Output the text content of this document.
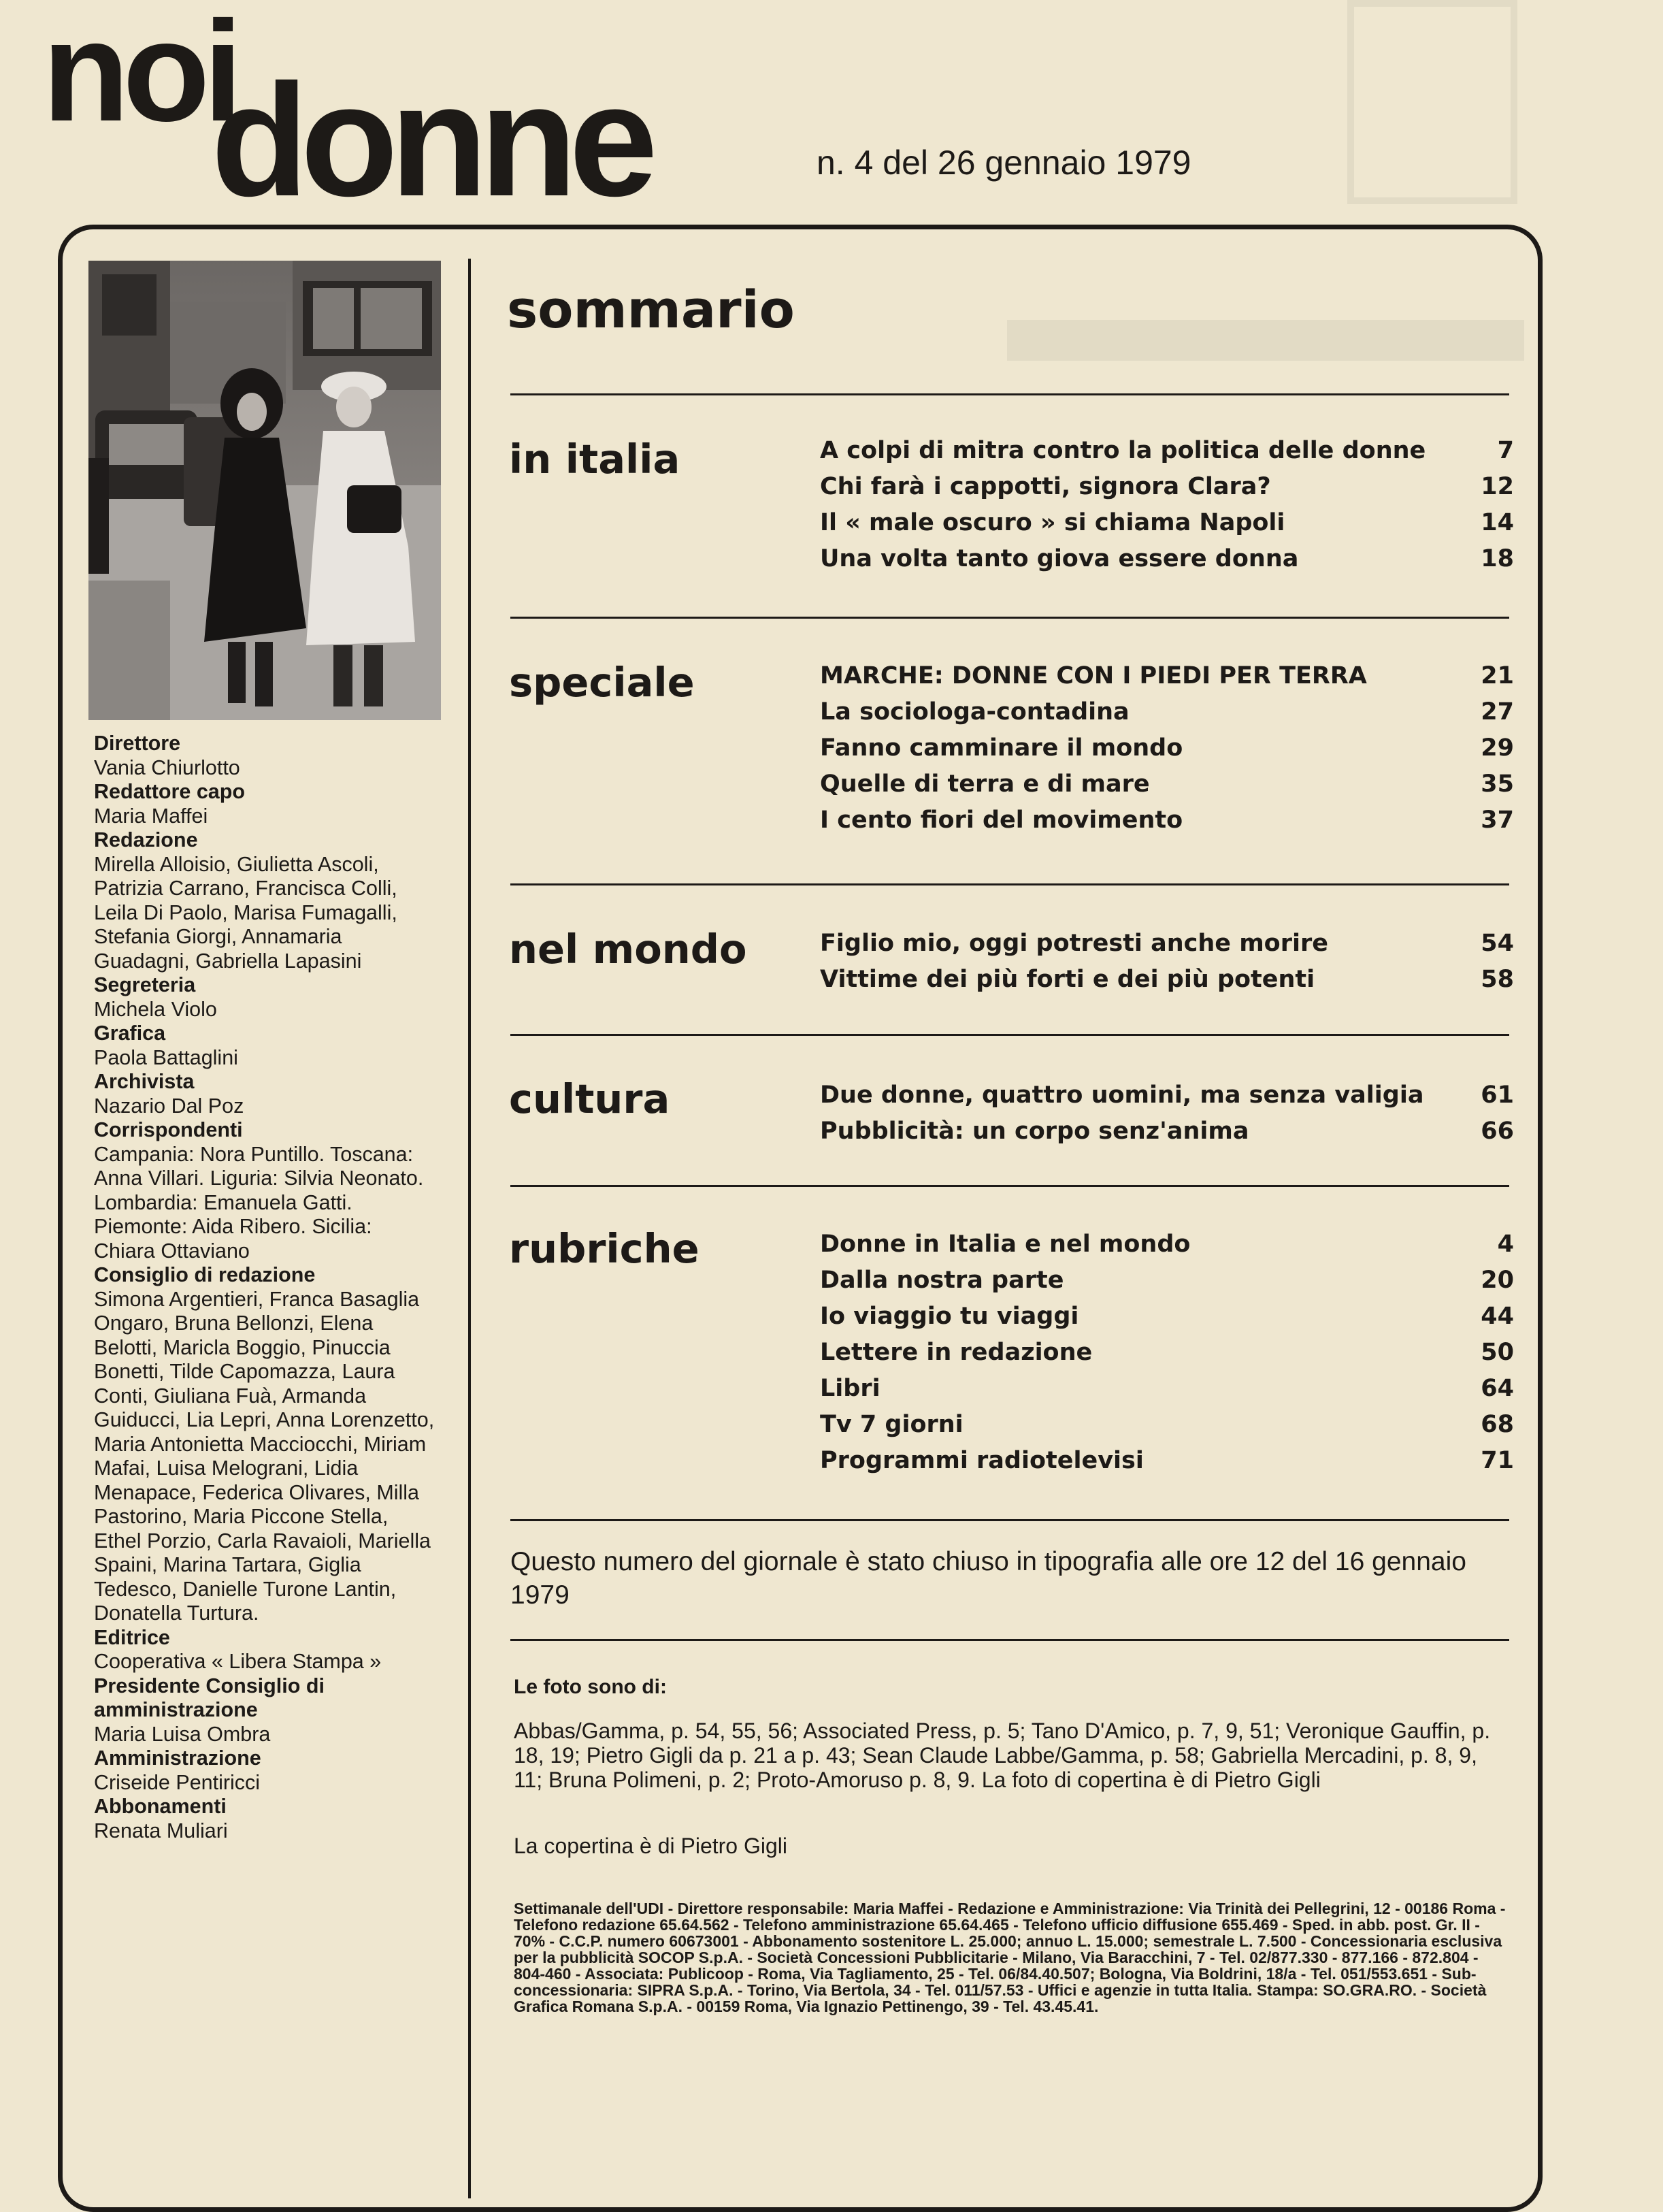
noi
donne	n. 4 del 26 gennaio 1979
Direttore
Vania Chiurlotto
Redattore capo
Maria Maffei
Redazione
Mirella Alloisio, Giulietta Ascoli, Patrizia Carrano, Francisca Colli, Leila Di Paolo, Marisa Fumagalli, Stefania Giorgi, Annamaria Guadagni, Gabriella Lapasini
Segreteria
Michela Violo
Grafica
Paola Battaglini
Archivista
Nazario Dal Poz
Corrispondenti
Campania: Nora Puntillo. Toscana: Anna Villari. Liguria: Silvia Neonato. Lombardia: Emanuela Gatti. Piemonte: Aida Ribero. Sicilia: Chiara Ottaviano
Consiglio di redazione
Simona Argentieri, Franca Basaglia Ongaro, Bruna Bellonzi, Elena Belotti, Maricla Boggio, Pinuccia Bonetti, Tilde Capomazza, Laura Conti, Giuliana Fuà, Armanda Guiducci, Lia Lepri, Anna Lorenzetto, Maria Antonietta Macciocchi, Miriam Mafai, Luisa Melograni, Lidia Menapace, Federica Olivares, Milla Pastorino, Maria Piccone Stella, Ethel Porzio, Carla Ravaioli, Mariella Spaini, Marina Tartara, Giglia Tedesco, Danielle Turone Lantin, Donatella Turtura.
Editrice
Cooperativa « Libera Stampa »
Presidente Consiglio di amministrazione
Maria Luisa Ombra
Amministrazione
Criseide Pentiricci
Abbonamenti
Renata Muliari
sommario
in italia	A colpi di mitra contro la politica delle donne	7
Chi farà i cappotti, signora Clara?	12
Il « male oscuro » si chiama Napoli	14
Una volta tanto giova essere donna	18
speciale	MARCHE: DONNE CON I PIEDI PER TERRA	21
La sociologa-contadina	27
Fanno camminare il mondo	29
Quelle di terra e di mare	35
I cento fiori del movimento	37
nel mondo	Figlio mio, oggi potresti anche morire	54
Vittime dei più forti e dei più potenti	58
cultura	Due donne, quattro uomini, ma senza valigia 61
Pubblicità: un corpo senz'anima	66
rubriche	Donne in Italia e nel mondo	4
Dalla nostra parte	20
Io viaggio tu viaggi	44
Lettere in redazione	50
Libri	64
Tv 7 giorni	68
Programmi radiotelevisi	71
Questo numero del giornale è stato chiuso in tipografia alle ore 12 del 16 gennaio 1979
Le foto sono di:
Abbas/Gamma, p. 54, 55, 56; Associated Press, p. 5; Tano D'Amico, p. 7, 9, 51; Veronique Gauffin, p. 18, 19; Pietro Gigli da p. 21 a p. 43; Sean Claude Labbe/Gamma, p. 58; Gabriella Mercadini, p. 8, 9, 11; Bruna Polimeni, p. 2; Proto-Amoruso p. 8, 9. La foto di copertina è di Pietro Gigli
La copertina è di Pietro Gigli
Settimanale dell'UDI - Direttore responsabile: Maria Maffei - Redazione e Amministrazione: Via Trinità dei Pellegrini, 12 - 00186 Roma - Telefono redazione 65.64.562 - Telefono amministrazione 65.64.465 - Telefono ufficio diffusione 655.469 - Sped. in abb. post. Gr. II - 70% - C.C.P. numero 60673001 - Abbonamento sostenitore L. 25.000; annuo L. 15.000; semestrale L. 7.500 - Concessionaria esclusiva per la pubblicità SOCOP S.p.A. - Società Concessioni Pubblicitarie - Milano, Via Baracchini, 7 - Tel. 02/877.330 - 877.166 - 872.804 - 804-460 - Associata: Publicoop - Roma, Via Tagliamento, 25 - Tel. 06/84.40.507; Bologna, Via Boldrini, 18/a - Tel. 051/553.651 - Sub-concessionaria: SIPRA S.p.A. - Torino, Via Bertola, 34 - Tel. 011/57.53 - Uffici e agenzie in tutta Italia. Stampa: SO.GRA.RO. - Società Grafica Romana S.p.A. - 00159 Roma, Via Ignazio Pettinengo, 39 - Tel. 43.45.41.
